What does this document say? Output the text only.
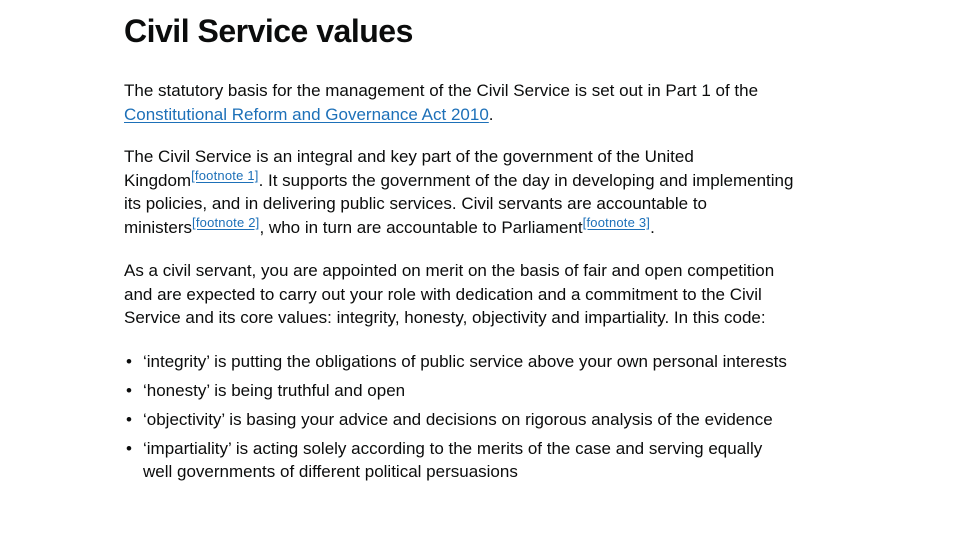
Civil Service values

The statutory basis for the management of the Civil Service is set out in Part 1 of the Constitutional Reform and Governance Act 2010.

The Civil Service is an integral and key part of the government of the United Kingdom[footnote 1]. It supports the government of the day in developing and implementing its policies, and in delivering public services. Civil servants are accountable to ministers[footnote 2], who in turn are accountable to Parliament[footnote 3].

As a civil servant, you are appointed on merit on the basis of fair and open competition and are expected to carry out your role with dedication and a commitment to the Civil Service and its core values: integrity, honesty, objectivity and impartiality. In this code:

• ‘integrity’ is putting the obligations of public service above your own personal interests
• ‘honesty’ is being truthful and open
• ‘objectivity’ is basing your advice and decisions on rigorous analysis of the evidence
• ‘impartiality’ is acting solely according to the merits of the case and serving equally well governments of different political persuasions
